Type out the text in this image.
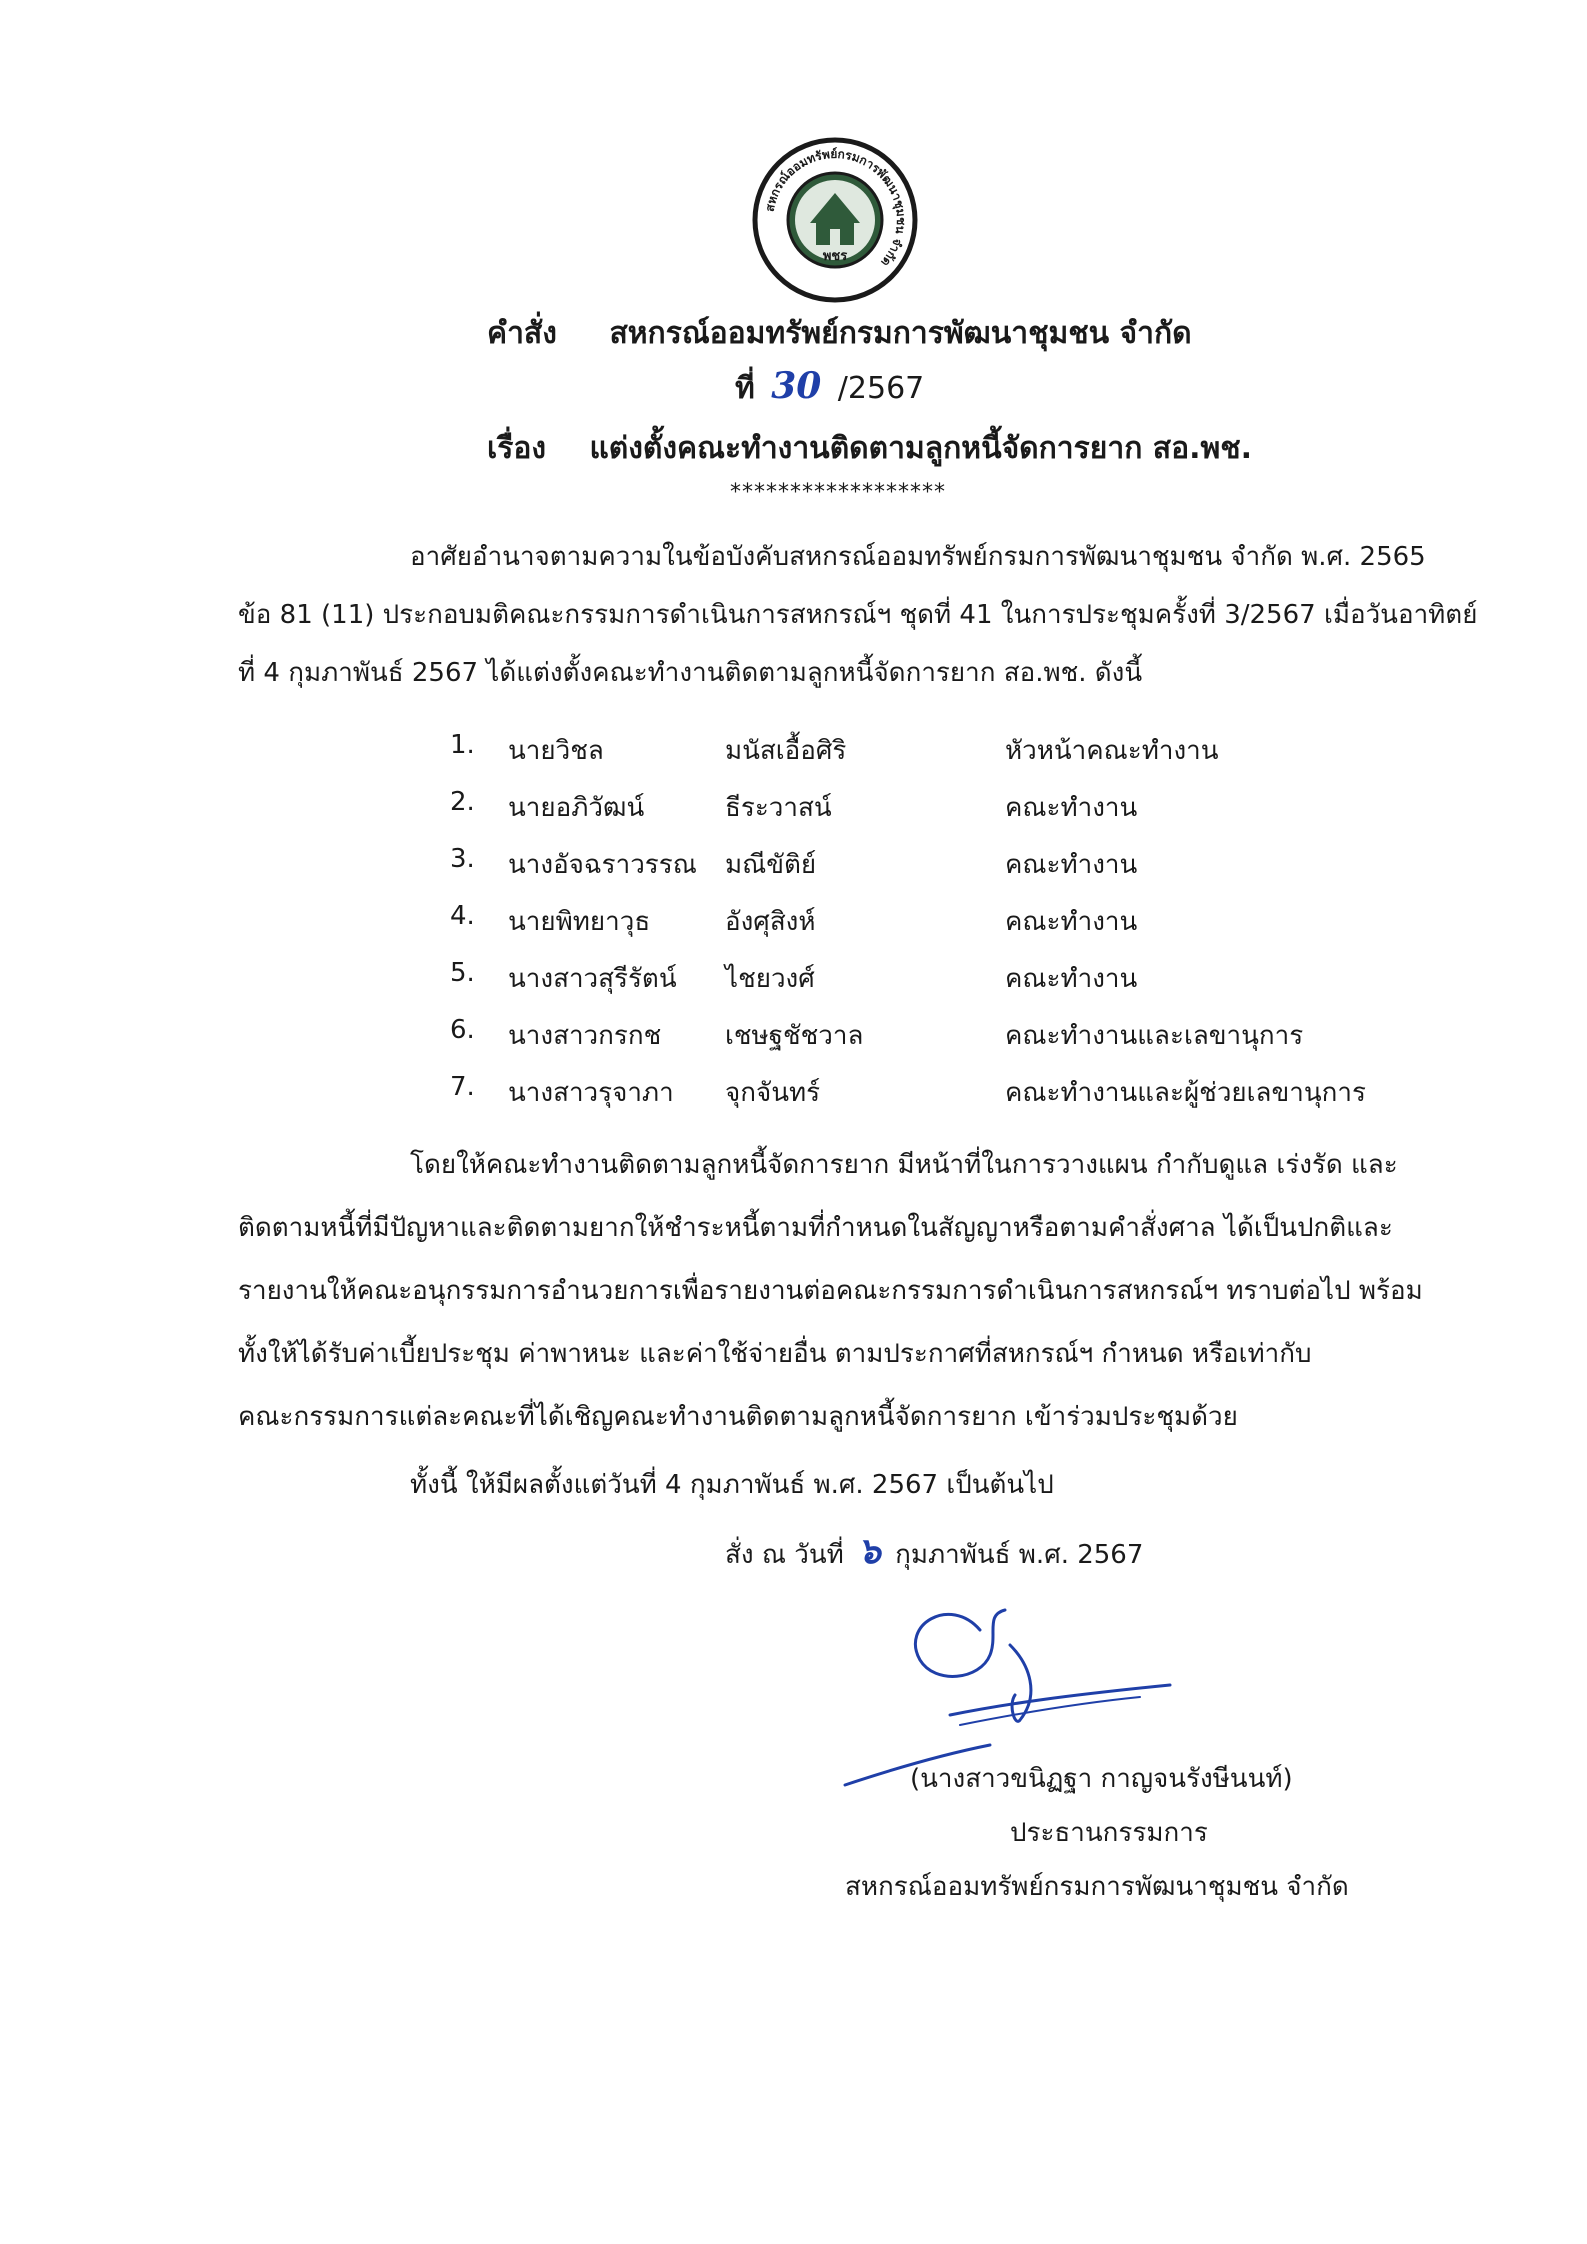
สหกรณ์ออมทรัพย์กรมการพัฒนาชุมชน จำกัด
พชร
คำสั่ง สหกรณ์ออมทรัพย์กรมการพัฒนาชุมชน จำกัด
ที่ 30 /2567
เรื่อง แต่งตั้งคณะทำงานติดตามลูกหนี้จัดการยาก สอ.พช.
******************
อาศัยอำนาจตามความในข้อบังคับสหกรณ์ออมทรัพย์กรมการพัฒนาชุมชน จำกัด พ.ศ. 2565
ข้อ 81 (11) ประกอบมติคณะกรรมการดำเนินการสหกรณ์ฯ ชุดที่ 41 ในการประชุมครั้งที่ 3/2567 เมื่อวันอาทิตย์
ที่ 4 กุมภาพันธ์ 2567 ได้แต่งตั้งคณะทำงานติดตามลูกหนี้จัดการยาก สอ.พช. ดังนี้
1. นายวิชล	มนัสเอื้อศิริ	หัวหน้าคณะทำงาน
2. นายอภิวัฒน์	ธีระวาสน์	คณะทำงาน
3. นางอัจฉราวรรณ มณีขัติย์	คณะทำงาน
4. นายพิทยาวุธ	อังศุสิงห์	คณะทำงาน
5. นางสาวสุรีรัตน์ ไชยวงศ์	คณะทำงาน
6. นางสาวกรกช เชษฐชัชวาล	คณะทำงานและเลขานุการ
7. นางสาวรุจาภา จุกจันทร์	คณะทำงานและผู้ช่วยเลขานุการ
โดยให้คณะทำงานติดตามลูกหนี้จัดการยาก มีหน้าที่ในการวางแผน กำกับดูแล เร่งรัด และ
ติดตามหนี้ที่มีปัญหาและติดตามยากให้ชำระหนี้ตามที่กำหนดในสัญญาหรือตามคำสั่งศาล ได้เป็นปกติและ
รายงานให้คณะอนุกรรมการอำนวยการเพื่อรายงานต่อคณะกรรมการดำเนินการสหกรณ์ฯ ทราบต่อไป พร้อม
ทั้งให้ได้รับค่าเบี้ยประชุม ค่าพาหนะ และค่าใช้จ่ายอื่น ตามประกาศที่สหกรณ์ฯ กำหนด หรือเท่ากับ
คณะกรรมการแต่ละคณะที่ได้เชิญคณะทำงานติดตามลูกหนี้จัดการยาก เข้าร่วมประชุมด้วย
ทั้งนี้ ให้มีผลตั้งแต่วันที่ 4 กุมภาพันธ์ พ.ศ. 2567 เป็นต้นไป
สั่ง ณ วันที่ ๖ กุมภาพันธ์ พ.ศ. 2567
(นางสาวขนิฏฐา กาญจนรังษีนนท์)
ประธานกรรมการ
สหกรณ์ออมทรัพย์กรมการพัฒนาชุมชน จำกัด
